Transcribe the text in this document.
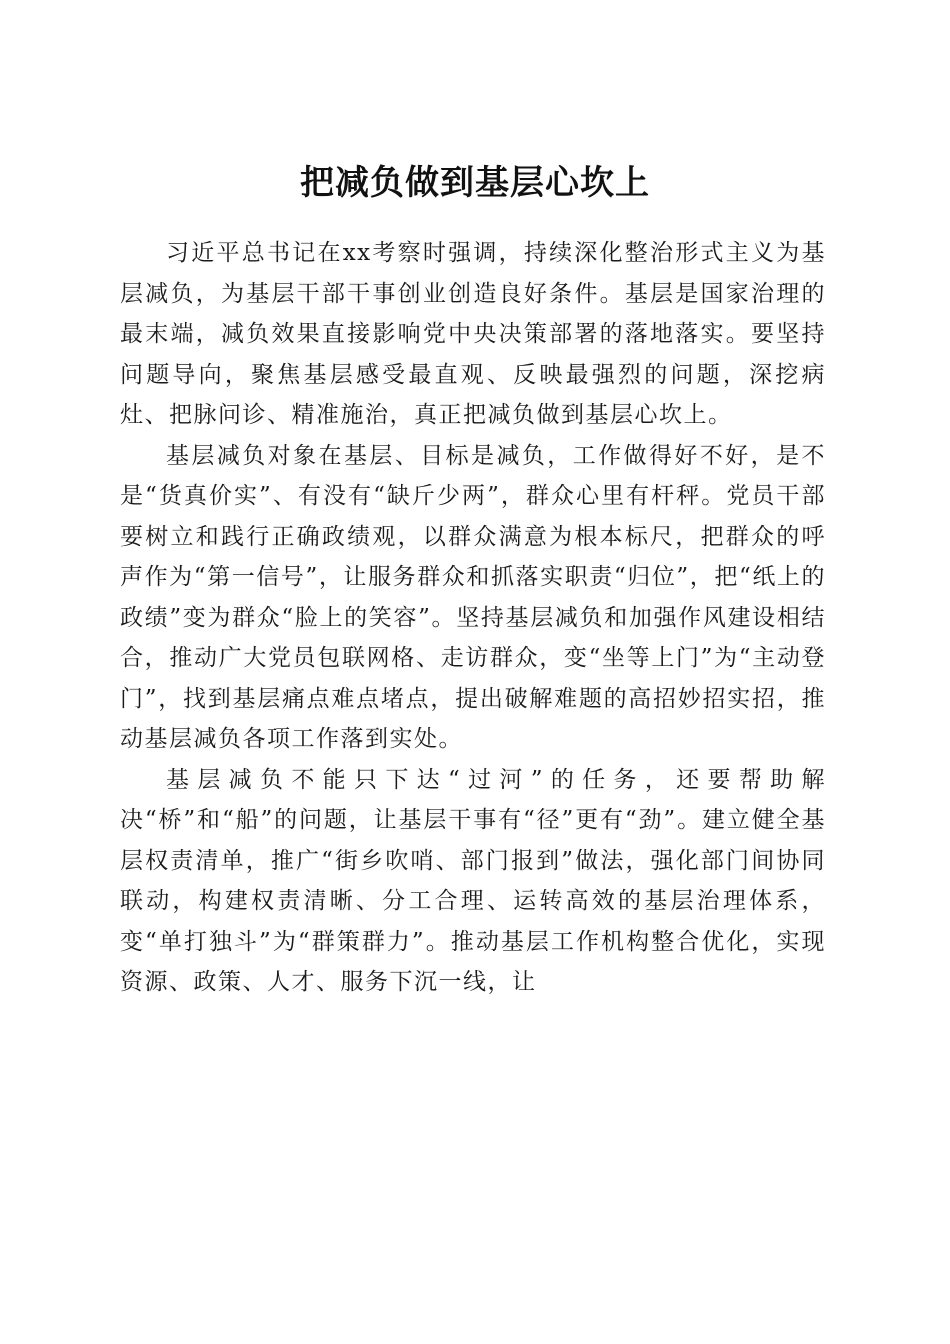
把减负做到基层心坎上

习近平总书记在xx考察时强调，持续深化整治形式主义为基层减负，为基层干部干事创业创造良好条件。基层是国家治理的最末端，减负效果直接影响党中央决策部署的落地落实。要坚持问题导向，聚焦基层感受最直观、反映最强烈的问题，深挖病灶、把脉问诊、精准施治，真正把减负做到基层心坎上。

基层减负对象在基层、目标是减负，工作做得好不好，是不是“货真价实”、有没有“缺斤少两”，群众心里有杆秤。党员干部要树立和践行正确政绩观，以群众满意为根本标尺，把群众的呼声作为“第一信号”，让服务群众和抓落实职责“归位”，把“纸上的政绩”变为群众“脸上的笑容”。坚持基层减负和加强作风建设相结合，推动广大党员包联网格、走访群众，变“坐等上门”为“主动登门”，找到基层痛点难点堵点，提出破解难题的高招妙招实招，推动基层减负各项工作落到实处。

基层减负不能只下达“过河”的任务，还要帮助解决“桥”和“船”的问题，让基层干事有“径”更有“劲”。建立健全基层权责清单，推广“街乡吹哨、部门报到”做法，强化部门间协同联动，构建权责清晰、分工合理、运转高效的基层治理体系，变“单打独斗”为“群策群力”。推动基层工作机构整合优化，实现资源、政策、人才、服务下沉一线，让
